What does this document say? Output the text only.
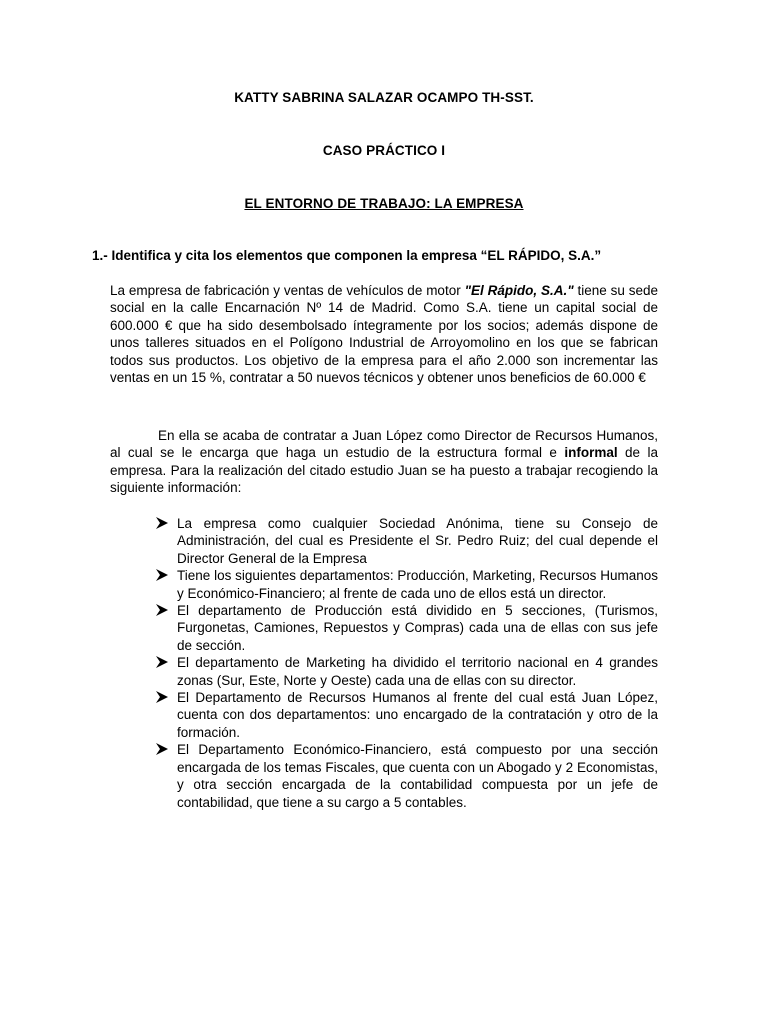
KATTY SABRINA SALAZAR OCAMPO TH-SST.
CASO PRÁCTICO I
EL ENTORNO DE TRABAJO: LA EMPRESA
1.- Identifica y cita los elementos que componen la empresa “EL RÁPIDO, S.A.”
La empresa de fabricación y ventas de vehículos de motor "El Rápido, S.A." tiene su sede social en la calle Encarnación Nº 14 de Madrid. Como S.A. tiene un capital social de 600.000 € que ha sido desembolsado íntegramente por los socios; además dispone de unos talleres situados en el Polígono Industrial de Arroyomolino en los que se fabrican todos sus productos. Los objetivo de la empresa para el año 2.000 son incrementar las ventas en un 15 %, contratar a 50 nuevos técnicos y obtener unos beneficios de 60.000 €
En ella se acaba de contratar a Juan López como Director de Recursos Humanos, al cual se le encarga que haga un estudio de la estructura formal e informal de la empresa. Para la realización del citado estudio Juan se ha puesto a trabajar recogiendo la siguiente información:
La empresa como cualquier Sociedad Anónima, tiene su Consejo de Administración, del cual es Presidente el Sr. Pedro Ruiz; del cual depende el Director General de la Empresa
Tiene los siguientes departamentos: Producción, Marketing, Recursos Humanos y Económico-Financiero; al frente de cada uno de ellos está un director.
El departamento de Producción está dividido en 5 secciones, (Turismos, Furgonetas, Camiones, Repuestos y Compras) cada una de ellas con sus jefe de sección.
El departamento de Marketing ha dividido el territorio nacional en 4 grandes zonas (Sur, Este, Norte y Oeste) cada una de ellas con su director.
El Departamento de Recursos Humanos al frente del cual está Juan López, cuenta con dos departamentos: uno encargado de la contratación y otro de la formación.
El Departamento Económico-Financiero, está compuesto por una sección encargada de los temas Fiscales, que cuenta con un Abogado y 2 Economistas, y otra sección encargada de la contabilidad compuesta por un jefe de contabilidad, que tiene a su cargo a 5 contables.
